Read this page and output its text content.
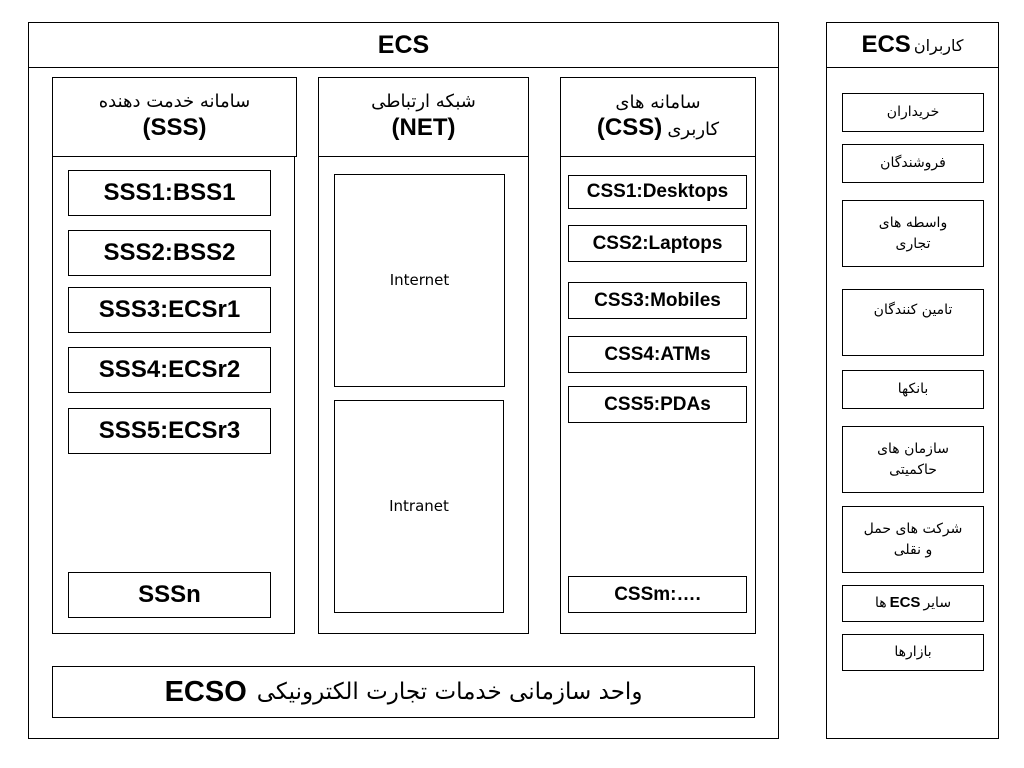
ECS
سامانه خدمت دهنده
(SSS)
SSS1:BSS1
SSS2:BSS2
SSS3:ECSr1
SSS4:ECSr2
SSS5:ECSr3
SSSn
شبکه ارتباطی
(NET)
Internet
Intranet
سامانه های
(CSS) کاربری
CSS1:Desktops
CSS2:Laptops
CSS3:Mobiles
CSS4:ATMs
CSS5:PDAs
CSSm:….
ECSO واحد سازمانی خدمات تجارت الکترونیکی
ECS کاربران
خریداران
فروشندگان
واسطه های
تجاری
تامین کنندگان
بانکها
سازمان های
حاکمیتی
شرکت های حمل
و نقلی
ها ECS سایر
بازارها
